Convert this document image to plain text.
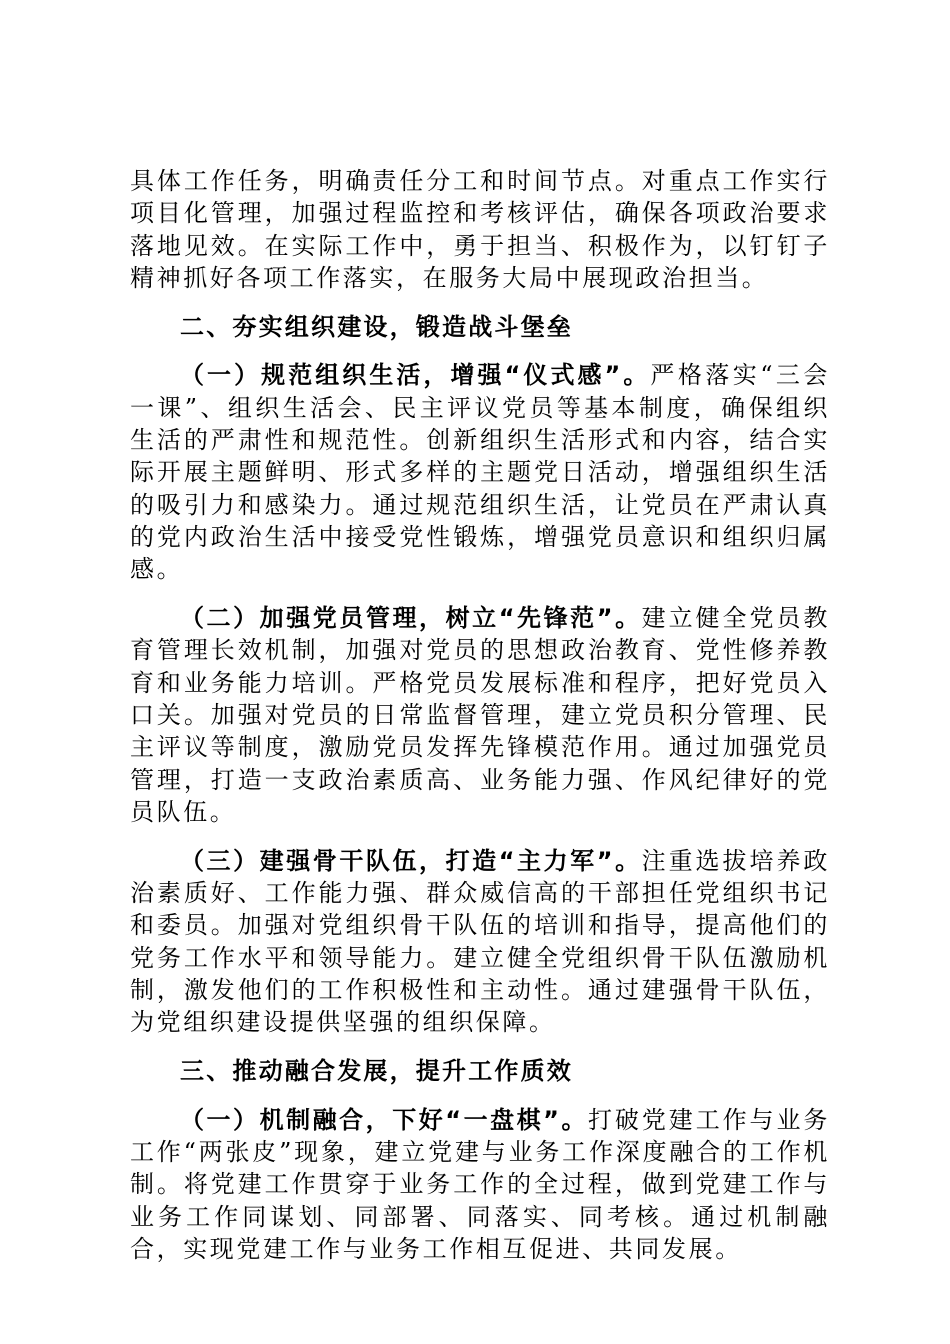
具体工作任务，明确责任分工和时间节点。对重点工作实行项目化管理，加强过程监控和考核评估，确保各项政治要求落地见效。在实际工作中，勇于担当、积极作为，以钉钉子精神抓好各项工作落实，在服务大局中展现政治担当。

二、夯实组织建设，锻造战斗堡垒

（一）规范组织生活，增强“仪式感”。严格落实“三会一课”、组织生活会、民主评议党员等基本制度，确保组织生活的严肃性和规范性。创新组织生活形式和内容，结合实际开展主题鲜明、形式多样的主题党日活动，增强组织生活的吸引力和感染力。通过规范组织生活，让党员在严肃认真的党内政治生活中接受党性锻炼，增强党员意识和组织归属感。

（二）加强党员管理，树立“先锋范”。建立健全党员教育管理长效机制，加强对党员的思想政治教育、党性修养教育和业务能力培训。严格党员发展标准和程序，把好党员入口关。加强对党员的日常监督管理，建立党员积分管理、民主评议等制度，激励党员发挥先锋模范作用。通过加强党员管理，打造一支政治素质高、业务能力强、作风纪律好的党员队伍。

（三）建强骨干队伍，打造“主力军”。注重选拔培养政治素质好、工作能力强、群众威信高的干部担任党组织书记和委员。加强对党组织骨干队伍的培训和指导，提高他们的党务工作水平和领导能力。建立健全党组织骨干队伍激励机制，激发他们的工作积极性和主动性。通过建强骨干队伍，为党组织建设提供坚强的组织保障。

三、推动融合发展，提升工作质效

（一）机制融合，下好“一盘棋”。打破党建工作与业务工作“两张皮”现象，建立党建与业务工作深度融合的工作机制。将党建工作贯穿于业务工作的全过程，做到党建工作与业务工作同谋划、同部署、同落实、同考核。通过机制融合，实现党建工作与业务工作相互促进、共同发展。
